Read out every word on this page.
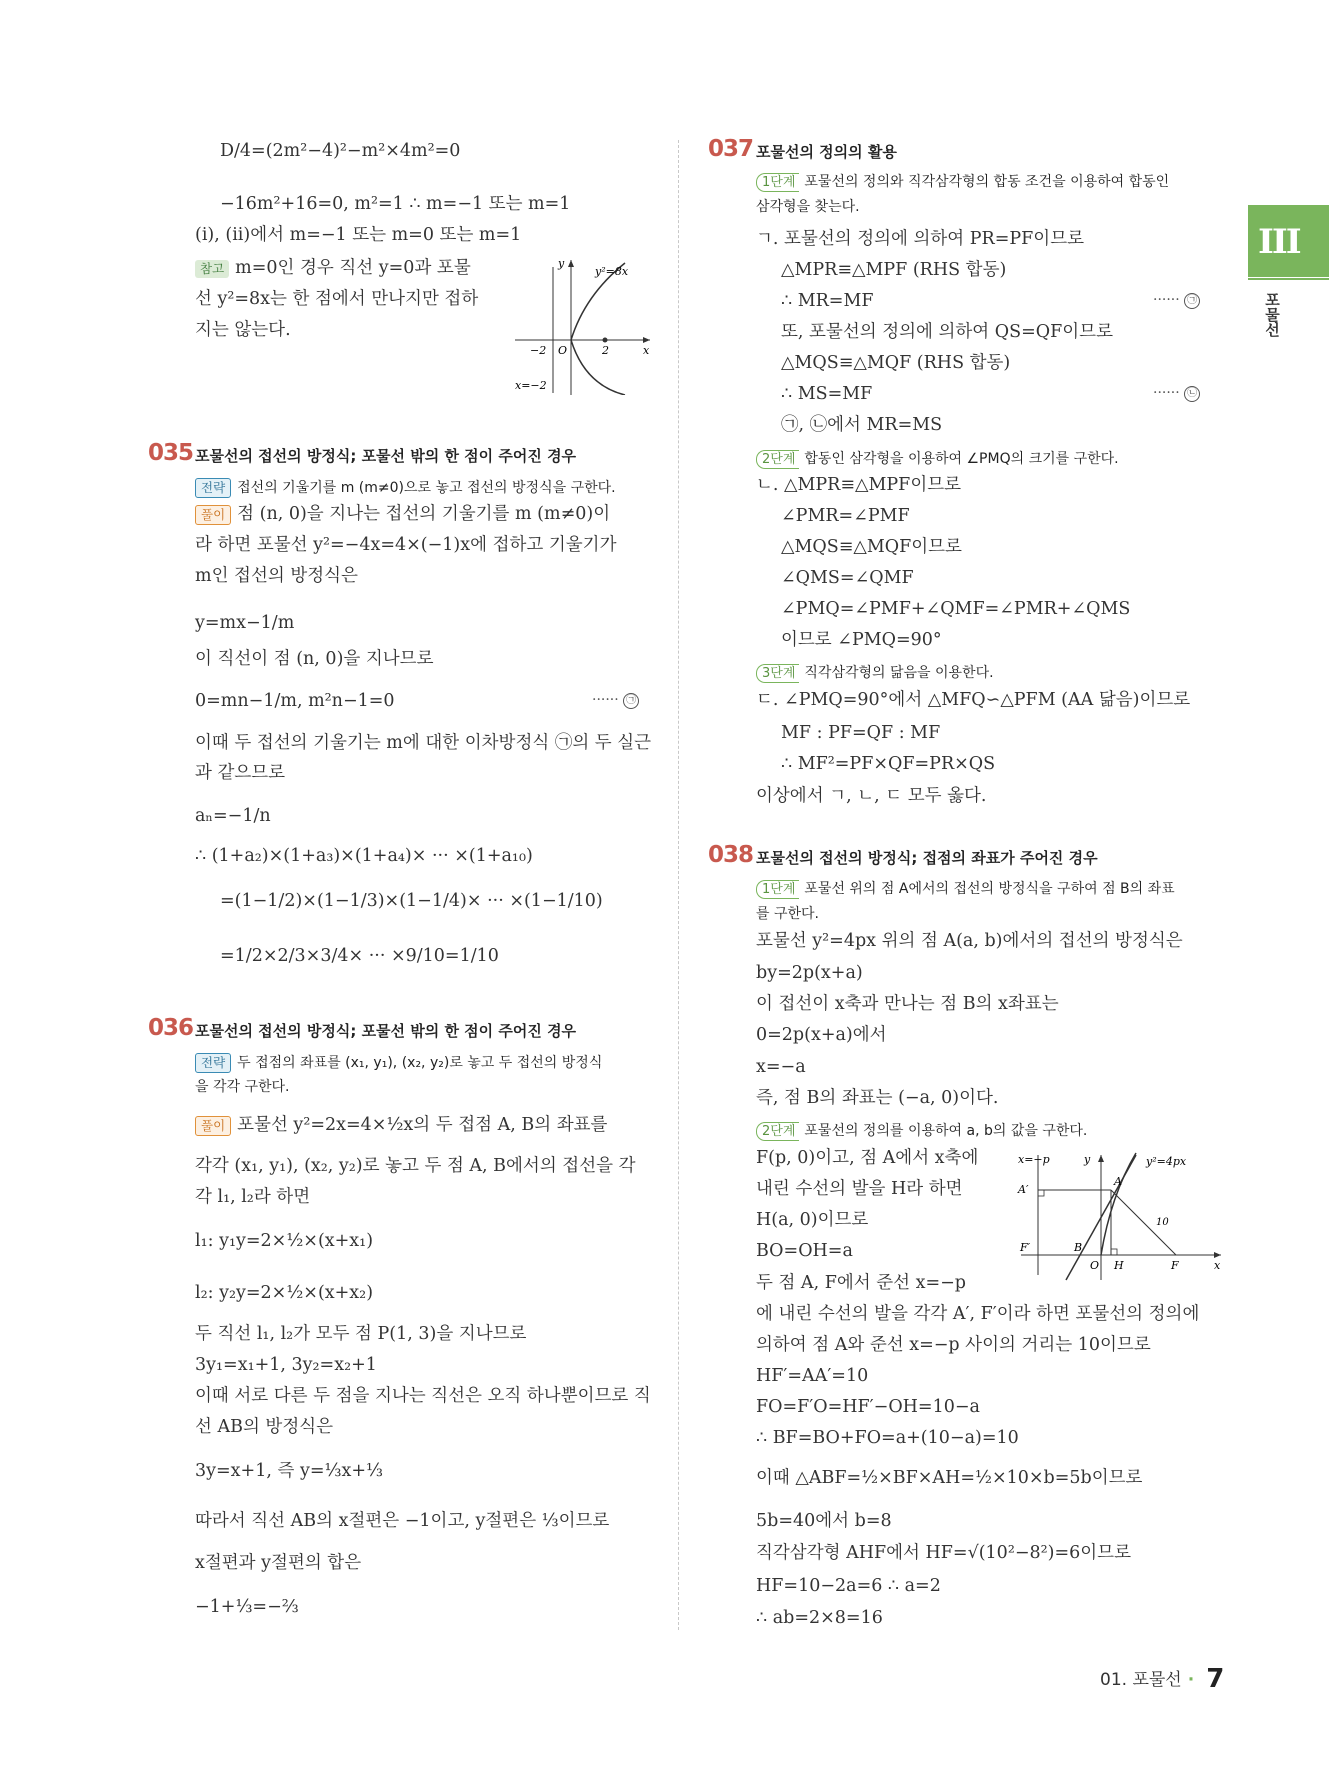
D/4=(2m²−4)²−m²×4m²=0
−16m²+16=0, m²=1 ∴ m=−1 또는 m=1
(i), (ii)에서 m=−1 또는 m=0 또는 m=1
참고 m=0인 경우 직선 y=0과 포물
선 y²=8x는 한 점에서 만나지만 접하
지는 않는다.
y
y²=8x
−2 O	2	x
x=−2
035 포물선의 접선의 방정식; 포물선 밖의 한 점이 주어진 경우
전략 접선의 기울기를 m (m≠0)으로 놓고 접선의 방정식을 구한다.
풀이 점 (n, 0)을 지나는 접선의 기울기를 m (m≠0)이
라 하면 포물선 y²=−4x=4×(−1)x에 접하고 기울기가
m인 접선의 방정식은
y=mx−1/m
이 직선이 점 (n, 0)을 지나므로
0=mn−1/m, m²n−1=0	······ ㉠
이때 두 접선의 기울기는 m에 대한 이차방정식 ㉠의 두 실근
과 같으므로
aₙ=−1/n
∴ (1+a₂)×(1+a₃)×(1+a₄)× ··· ×(1+a₁₀)
=(1−1/2)×(1−1/3)×(1−1/4)× ··· ×(1−1/10)
=1/2×2/3×3/4× ··· ×9/10=1/10
036 포물선의 접선의 방정식; 포물선 밖의 한 점이 주어진 경우
전략 두 접점의 좌표를 (x₁, y₁), (x₂, y₂)로 놓고 두 접선의 방정식
을 각각 구한다.
풀이 포물선 y²=2x=4×½x의 두 접점 A, B의 좌표를
각각 (x₁, y₁), (x₂, y₂)로 놓고 두 점 A, B에서의 접선을 각
각 l₁, l₂라 하면
l₁: y₁y=2×½×(x+x₁)
l₂: y₂y=2×½×(x+x₂)
두 직선 l₁, l₂가 모두 점 P(1, 3)을 지나므로
3y₁=x₁+1, 3y₂=x₂+1
이때 서로 다른 두 점을 지나는 직선은 오직 하나뿐이므로 직
선 AB의 방정식은
3y=x+1, 즉 y=⅓x+⅓
따라서 직선 AB의 x절편은 −1이고, y절편은 ⅓이므로
x절편과 y절편의 합은
−1+⅓=−⅔
037 포물선의 정의의 활용
1단계 포물선의 정의와 직각삼각형의 합동 조건을 이용하여 합동인
삼각형을 찾는다.
ㄱ. 포물선의 정의에 의하여 PR=PF이므로
△MPR≡△MPF (RHS 합동)
∴ MR=MF	······ ㉠
또, 포물선의 정의에 의하여 QS=QF이므로
△MQS≡△MQF (RHS 합동)
∴ MS=MF	······ ㉡
㉠, ㉡에서 MR=MS
2단계 합동인 삼각형을 이용하여 ∠PMQ의 크기를 구한다.
ㄴ. △MPR≡△MPF이므로
∠PMR=∠PMF
△MQS≡△MQF이므로
∠QMS=∠QMF
∠PMQ=∠PMF+∠QMF=∠PMR+∠QMS
이므로 ∠PMQ=90°
3단계 직각삼각형의 닮음을 이용한다.
ㄷ. ∠PMQ=90°에서 △MFQ∽△PFM (AA 닮음)이므로
MF : PF=QF : MF
∴ MF²=PF×QF=PR×QS
이상에서 ㄱ, ㄴ, ㄷ 모두 옳다.
038 포물선의 접선의 방정식; 접점의 좌표가 주어진 경우
1단계 포물선 위의 점 A에서의 접선의 방정식을 구하여 점 B의 좌표
를 구한다.
포물선 y²=4px 위의 점 A(a, b)에서의 접선의 방정식은
by=2p(x+a)
이 접선이 x축과 만나는 점 B의 x좌표는
0=2p(x+a)에서
x=−a
즉, 점 B의 좌표는 (−a, 0)이다.
2단계 포물선의 정의를 이용하여 a, b의 값을 구한다.
F(p, 0)이고, 점 A에서 x축에
내린 수선의 발을 H라 하면
H(a, 0)이므로
BO=OH=a
두 점 A, F에서 준선 x=−p
에 내린 수선의 발을 각각 A′, F′이라 하면 포물선의 정의에
의하여 점 A와 준선 x=−p 사이의 거리는 10이므로
HF′=AA′=10
FO=F′O=HF′−OH=10−a
∴ BF=BO+FO=a+(10−a)=10
이때 △ABF=½×BF×AH=½×10×b=5b이므로
5b=40에서 b=8
직각삼각형 AHF에서 HF=√(10²−8²)=6이므로
HF=10−2a=6 ∴ a=2
∴ ab=2×8=16
x=−p	y	y²=4px
A′
A
10
F′	B
O H	F	x
III
포물선
01. 포물선 · 7
